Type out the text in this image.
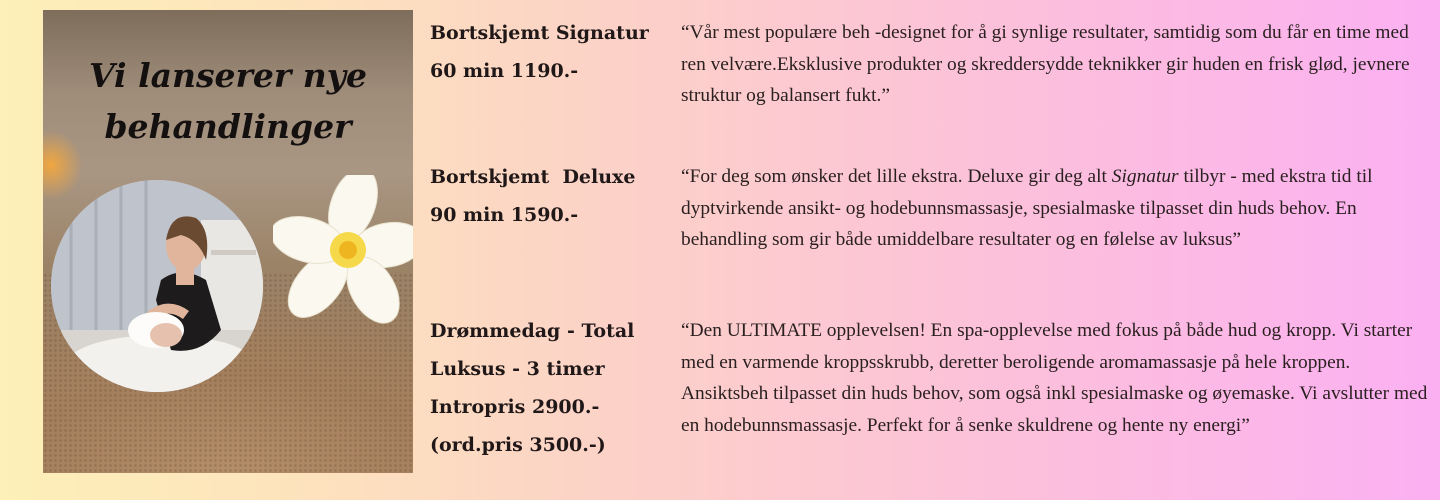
Vi lanserer nye
behandlinger
Bortskjemt Signatur
60 min 1190.-

“Vår mest populære beh -designet for å gi synlige resultater, samtidig som du får en time med ren velvære.Eksklusive produkter og skreddersydde teknikker gir huden en frisk glød, jevnere struktur og balansert fukt.”

Bortskjemt  Deluxe
90 min 1590.-

“For deg som ønsker det lille ekstra. Deluxe gir deg alt Signatur tilbyr - med ekstra tid til dyptvirkende ansikt- og hodebunnsmassasje, spesialmaske tilpasset din huds behov. En behandling som gir både umiddelbare resultater og en følelse av luksus”

Drømmedag - Total
Luksus - 3 timer
Intropris 2900.-
(ord.pris 3500.-)

“Den ULTIMATE opplevelsen! En spa-opplevelse med fokus på både hud og kropp. Vi starter med en varmende kroppsskrubb, deretter beroligende aromamassasje på hele kroppen. Ansiktsbeh tilpasset din huds behov, som også inkl spesialmaske og øyemaske. Vi avslutter med en hodebunnsmassasje. Perfekt for å senke skuldrene og hente ny energi”
